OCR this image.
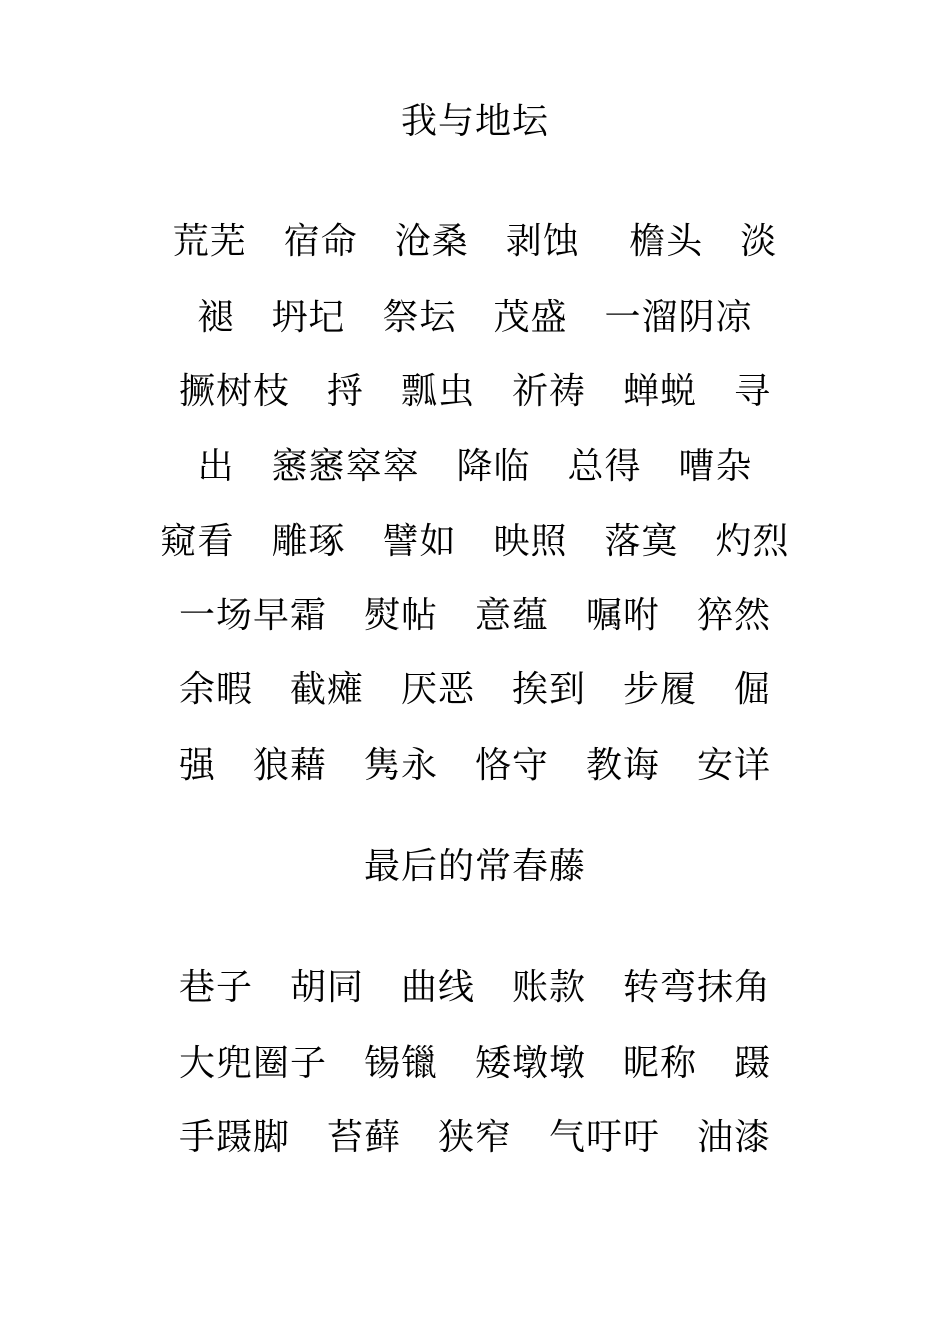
我与地坛
荒芜　宿命　沧桑　剥蚀　 檐头　淡
褪　坍圮　祭坛　茂盛　一溜阴凉
撅树枝　捋　瓢虫　祈祷　蝉蜕　寻
出　窸窸窣窣　降临　总得　嘈杂
窥看　雕琢　譬如　映照　落寞　灼烈
一场早霜　熨帖　意蕴　嘱咐　猝然
余暇　截瘫　厌恶　挨到　步履　倔
强　狼藉　隽永　恪守　教诲　安详
最后的常春藤
巷子　胡同　曲线　账款　转弯抹角
大兜圈子　锡镴　矮墩墩　昵称　蹑
手蹑脚　苔藓　狭窄　气吁吁　油漆
